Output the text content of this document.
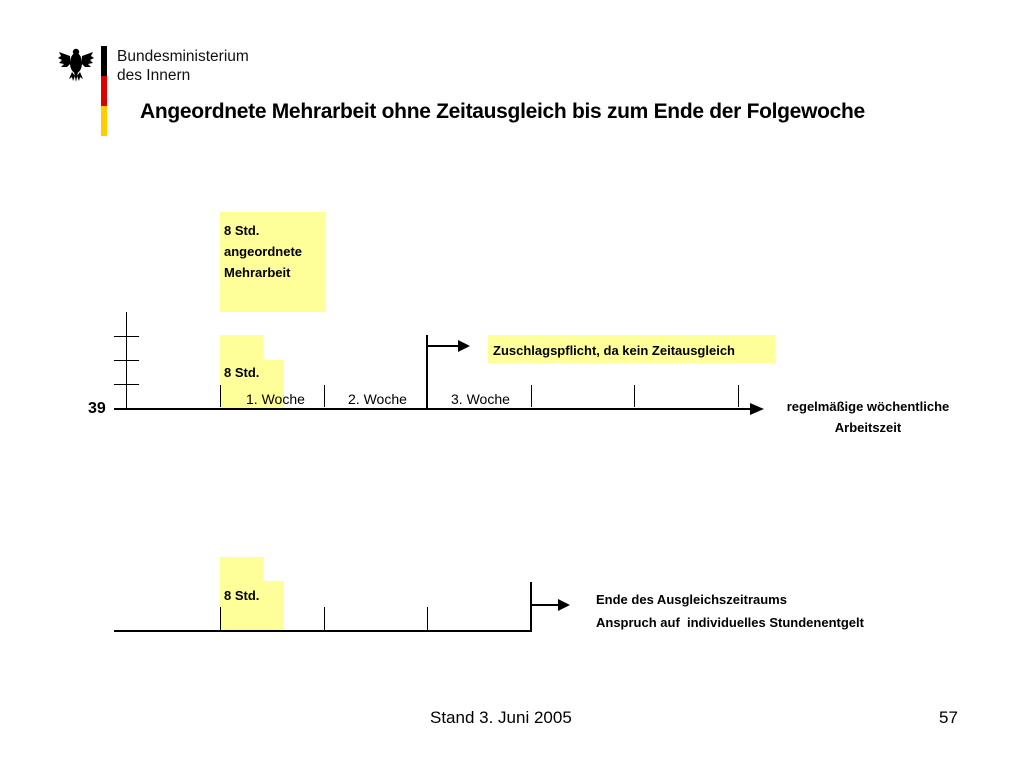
Bundesministerium
des Innern
Angeordnete Mehrarbeit ohne Zeitausgleich bis zum Ende der Folgewoche
8 Std.
angeordnete
Mehrarbeit
8 Std.
Zuschlagspflicht, da kein Zeitausgleich
39
1. Woche	2. Woche	3. Woche	regelmäßige wöchentliche
Arbeitszeit
8 Std.	Ende des Ausgleichszeitraums
Anspruch auf  individuelles Stundenentgelt
Stand 3. Juni 2005	57
